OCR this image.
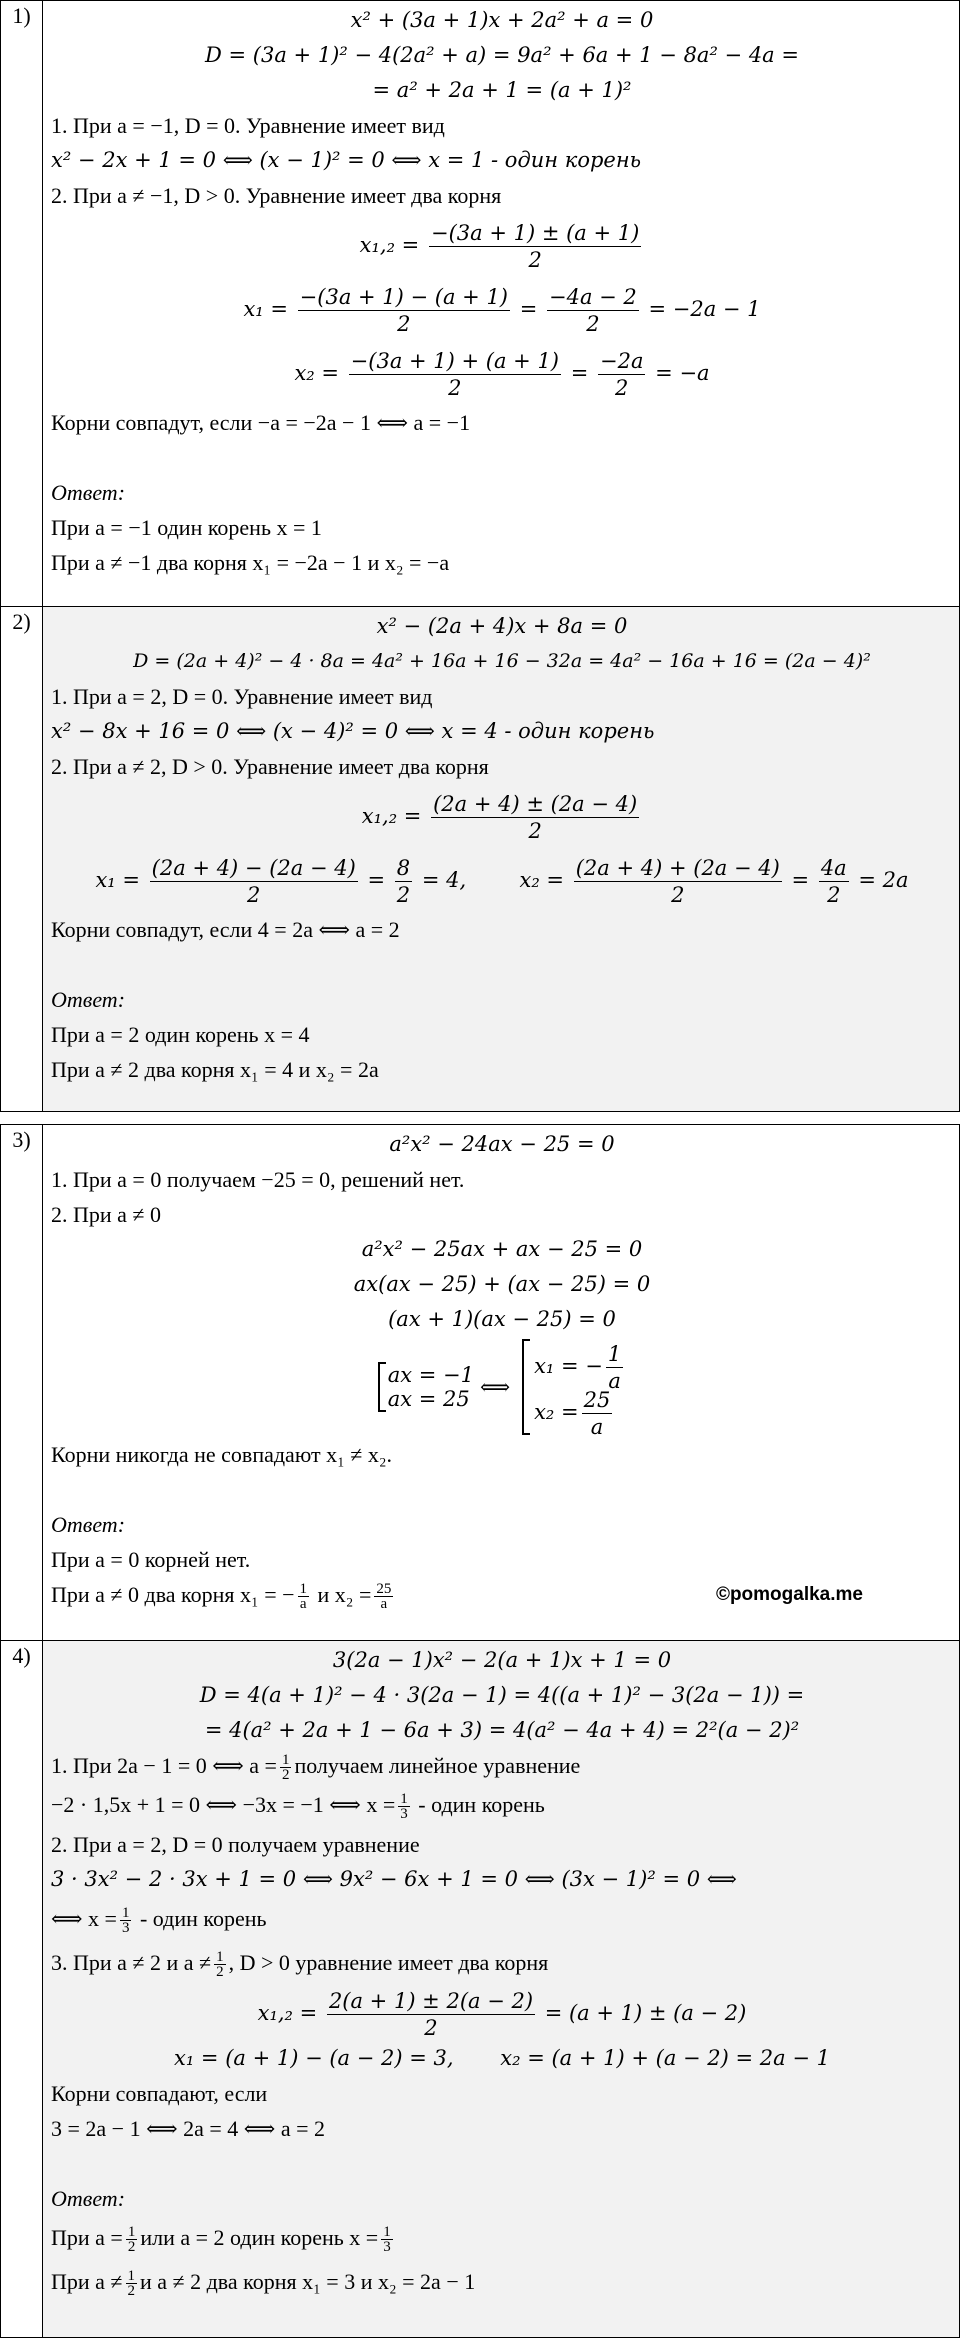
1)	x² + (3a + 1)x + 2a² + a = 0
D = (3a + 1)² − 4(2a² + a) = 9a² + 6a + 1 − 8a² − 4a =
= a² + 2a + 1 = (a + 1)²
1. При a = −1, D = 0. Уравнение имеет вид
x² − 2x + 1 = 0 ⟺ (x − 1)² = 0 ⟺ x = 1 - один корень
2. При a ≠ −1, D > 0. Уравнение имеет два корня
$x_1,_2 = \frac{-(3a + 1) \pm (a + 1)}{2}$
$x_1 = \frac{-(3a + 1) - (a + 1)}{2} = \frac{-4a - 2}{2} = -2a - 1$
$x_2 = \frac{-(3a + 1) + (a + 1)}{2} = \frac{-2a}{2} = -a$
Корни совпадут, если −a = −2a − 1 ⟺ a = −1
Ответ:
При a = −1 один корень x = 1
При a ≠ −1 два корня x₁ = −2a − 1 и x₂ = −a
2)	x² − (2a + 4)x + 8a = 0
D = (2a + 4)² − 4 · 8a = 4a² + 16a + 16 − 32a = 4a² − 16a + 16 = (2a − 4)²
1. При a = 2, D = 0. Уравнение имеет вид
x² − 8x + 16 = 0 ⟺ (x − 4)² = 0 ⟺ x = 4 - один корень
2. При a ≠ 2, D > 0. Уравнение имеет два корня
$x_1,_2 = \frac{(2a + 4) \pm (2a - 4)}{2}$
$x_1 = \frac{(2a + 4) - (2a - 4)}{2} = \frac{8}{2} = 4$,	$x_2 = \frac{(2a + 4) + (2a - 4)}{2} = \frac{4a}{2} = 2a$
Корни совпадут, если 4 = 2a ⟺ a = 2
Ответ:
При a = 2 один корень x = 4
При a ≠ 2 два корня x₁ = 4 и x₂ = 2a
3)	a²x² − 24ax − 25 = 0
1. При a = 0 получаем −25 = 0, решений нет.
2. При a ≠ 0
a²x² − 25ax + ax − 25 = 0
ax(ax − 25) + (ax − 25) = 0
(ax + 1)(ax − 25) = 0
ax = −1
ax = 25 ⟺
x₁ = − $\frac{1}{a}$
$x_2 = \frac{25}{a}$
Корни никогда не совпадают x₁ ≠ x₂.
Ответ:
При a = 0 корней нет.
При a ≠ 0 два корня x₁ = − $\frac{1}{a}$ и $x_2 = \frac{25}{a}$	©pomogalka.me
4)	3(2a − 1)x² − 2(a + 1)x + 1 = 0
D = 4(a + 1)² − 4 · 3(2a − 1) = 4((a + 1)² − 3(2a − 1)) =
= 4(a² + 2a + 1 − 6a + 3) = 4(a² − 4a + 4) = 2²(a − 2)²
1. При 2a − 1 = 0 ⟺ $a = \frac{1}{2}$ получаем линейное уравнение
−2 · 1,5x + 1 = 0 ⟺ −3x = −1 ⟺ $x = \frac{1}{3}$ - один корень
2. При a = 2, D = 0 получаем уравнение
3 · 3x² − 2 · 3x + 1 = 0 ⟺ 9x² − 6x + 1 = 0 ⟺ (3x − 1)² = 0 ⟺
⟺ $x = \frac{1}{3}$ - один корень
3. При a ≠ 2 и $a \ne \frac{1}{2}$ , D > 0 уравнение имеет два корня
$x_1,_2 = \frac{2(a + 1) \pm 2(a - 2)}{2} = (a + 1) \pm (a - 2)$
x₁ = (a + 1) − (a − 2) = 3,       x₂ = (a + 1) + (a − 2) = 2a − 1
Корни совпадают, если
3 = 2a − 1 ⟺ 2a = 4 ⟺ a = 2
Ответ:
При $a = \frac{1}{2}$ или a = 2 один корень $x = \frac{1}{3}$
При $a \ne \frac{1}{2}$ и a ≠ 2 два корня x₁ = 3 и x₂ = 2a − 1
